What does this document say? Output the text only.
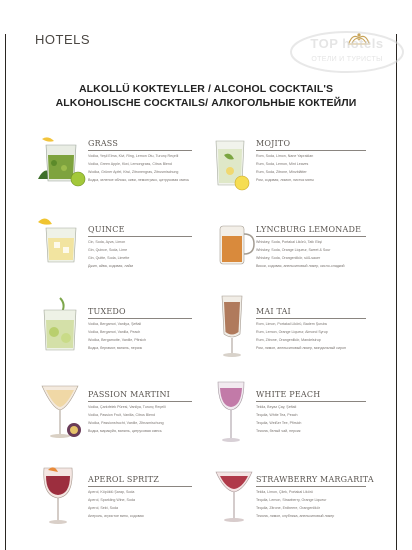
HOTELS	TOP hotels
ОТЕЛИ И ТУРИСТЫ
ALKOLLÜ KOKTEYLLER / ALCOHOL COCKTAIL'S
ALKOHOLISCHE COCKTAILS/ АЛКОГОЛЬНЫЕ КОКТЕЙЛИ
GRASS
Vodka, Yeşil Elma, Kivi, Ring, Lemon Otu, Turunç Reçelli
Vodka, Green Apple, Kiwi, Lemongrass, Citrus Blend
Wodka, Grüner Apfel, Kiwi, Zitronengras, Zitrusmischung
Водка, зеленое яблоко, киви, лемонграсс, цитрусовая смесь
MOJITO
Rom, Soda, Limon, Nane Yaprakları
Rum, Soda, Lemon, Mint Leaves
Rum, Soda, Zitrone, Minzblätter
Ром, содовая, лимон, листья мяты
QUINCE
Cin, Soda, Ayva, Limon
Gin, Quince, Soda, Lime
Gin, Quitte, Soda, Limette
Джин, айва, содовая, лайм
LYNCBURG LEMONADE
Whiskey, Soda, Portakal Likörü, Tatlı Ekşi
Whiskey, Soda, Orange Liqueur, Sweet & Sour
Whiskey, Soda, Orangenlikör, süß-sauer
Виски, содовая, апельсиновый ликер, кисло-сладкий
TUXEDO
Vodka, Bergamot, Vanilya, Şeftali
Vodka, Bergamot, Vanilla, Peach
Wodka, Bergamotte, Vanille, Pfirsich
Водка, бергамот, ваниль, персик
MAI TAI
Rom, Limon, Portakal Likörü, Badem Şurubu
Rum, Lemon, Orange Liqueur, Almond Syrup
Rum, Zitrone, Orangenlikör, Mandelsirup
Ром, лимон, апельсиновый ликер, миндальный сироп
PASSION MARTINI
Vodka, Çarkıfelek Püresi, Vanilya, Turunç Reçelli
Vodka, Passion Fruit, Vanilla, Citrus Blend
Wodka, Passionsfrucht, Vanille, Zitrusmischung
Водка, маракуйя, ваниль, цитрусовая смесь
WHITE PEACH
Tekila, Beyaz Çay, Şeftali
Tequila, White Tea, Peach
Tequila, Weißer Tee, Pfirsich
Текила, белый чай, персик
APEROL SPRITZ
Aperol, Köpüklü Şarap, Soda
Aperol, Sparkling Wine, Soda
Aperol, Sekt, Soda
Апероль, игристое вино, содовая
STRAWBERRY MARGARITA
Tekila, Limon, Çilek, Portakal Likörü
Tequila, Lemon, Strawberry, Orange Liqueur
Tequila, Zitrone, Erdbeere, Orangenlikör
Текила, лимон, клубника, апельсиновый ликер
